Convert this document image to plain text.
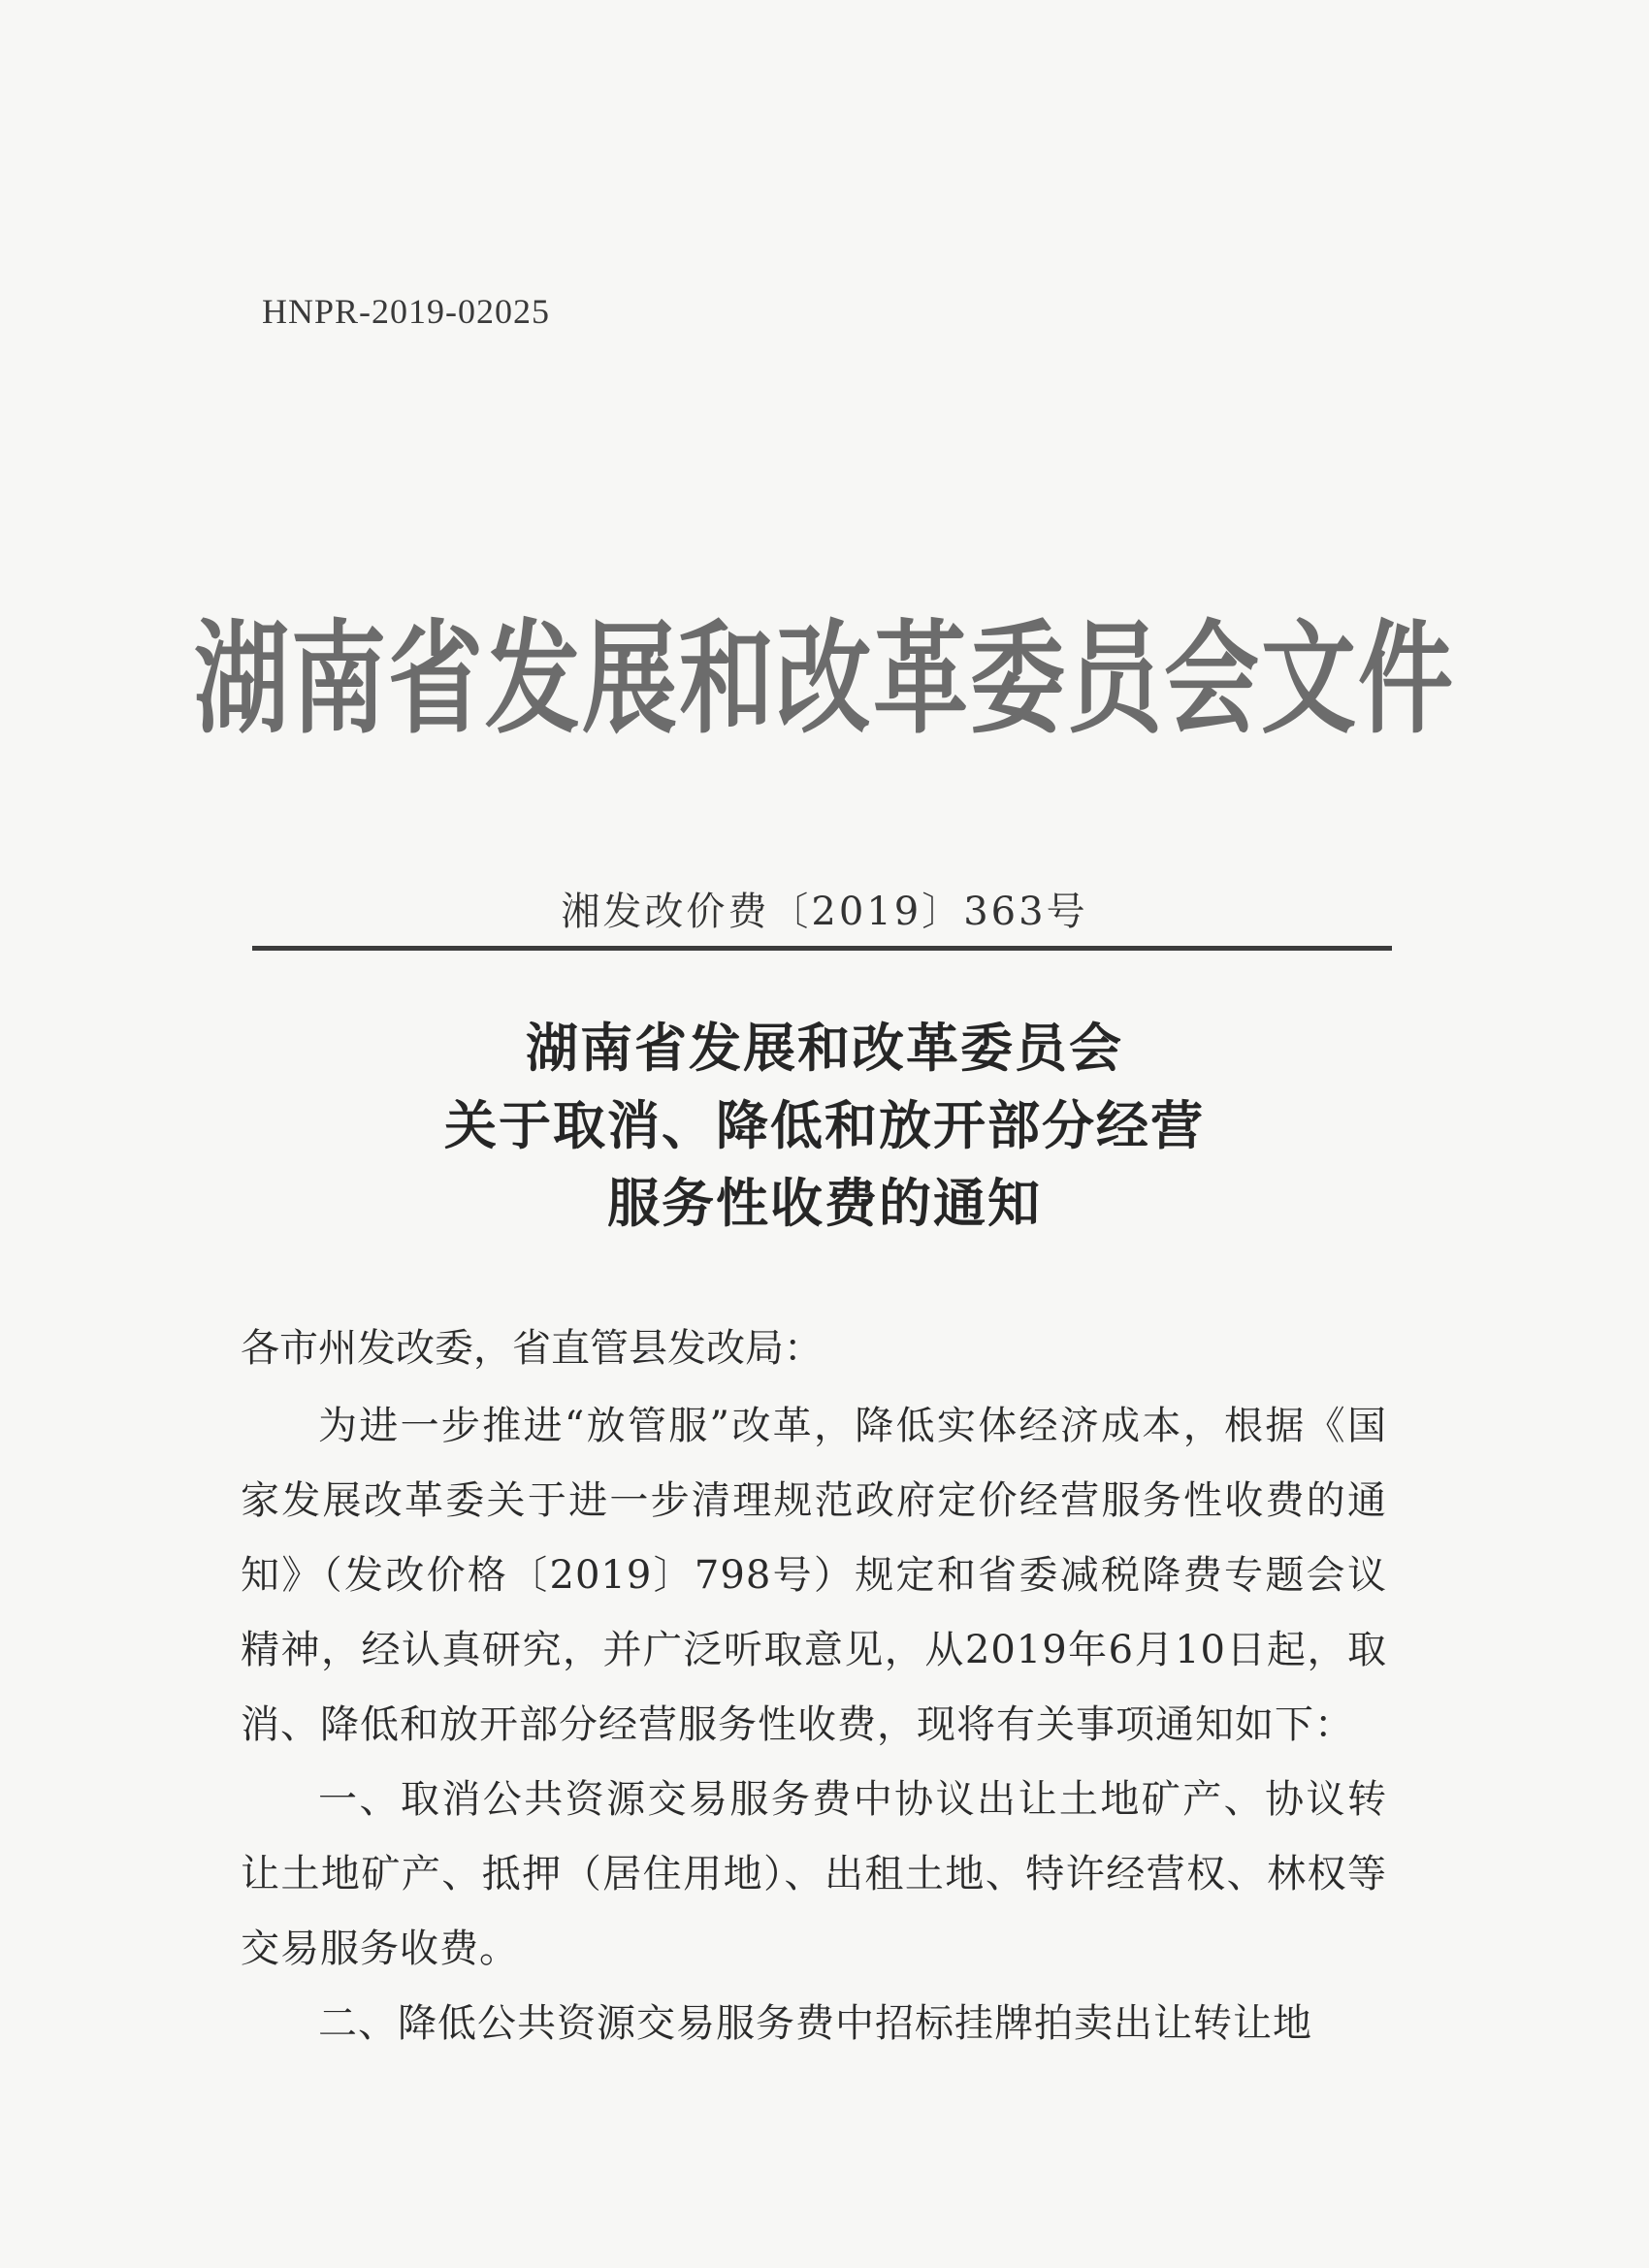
HNPR-2019-02025
湖南省发展和改革委员会文件
湘发改价费〔2019〕363号
湖南省发展和改革委员会
关于取消、降低和放开部分经营
服务性收费的通知
各市州发改委，省直管县发改局：

为进一步推进“放管服”改革，降低实体经济成本，根据《国家发展改革委关于进一步清理规范政府定价经营服务性收费的通知》（发改价格〔2019〕798号）规定和省委减税降费专题会议精神，经认真研究，并广泛听取意见，从2019年6月10日起，取消、降低和放开部分经营服务性收费，现将有关事项通知如下：

一、取消公共资源交易服务费中协议出让土地矿产、协议转让土地矿产、抵押（居住用地）、出租土地、特许经营权、林权等交易服务收费。

二、降低公共资源交易服务费中招标挂牌拍卖出让转让地
